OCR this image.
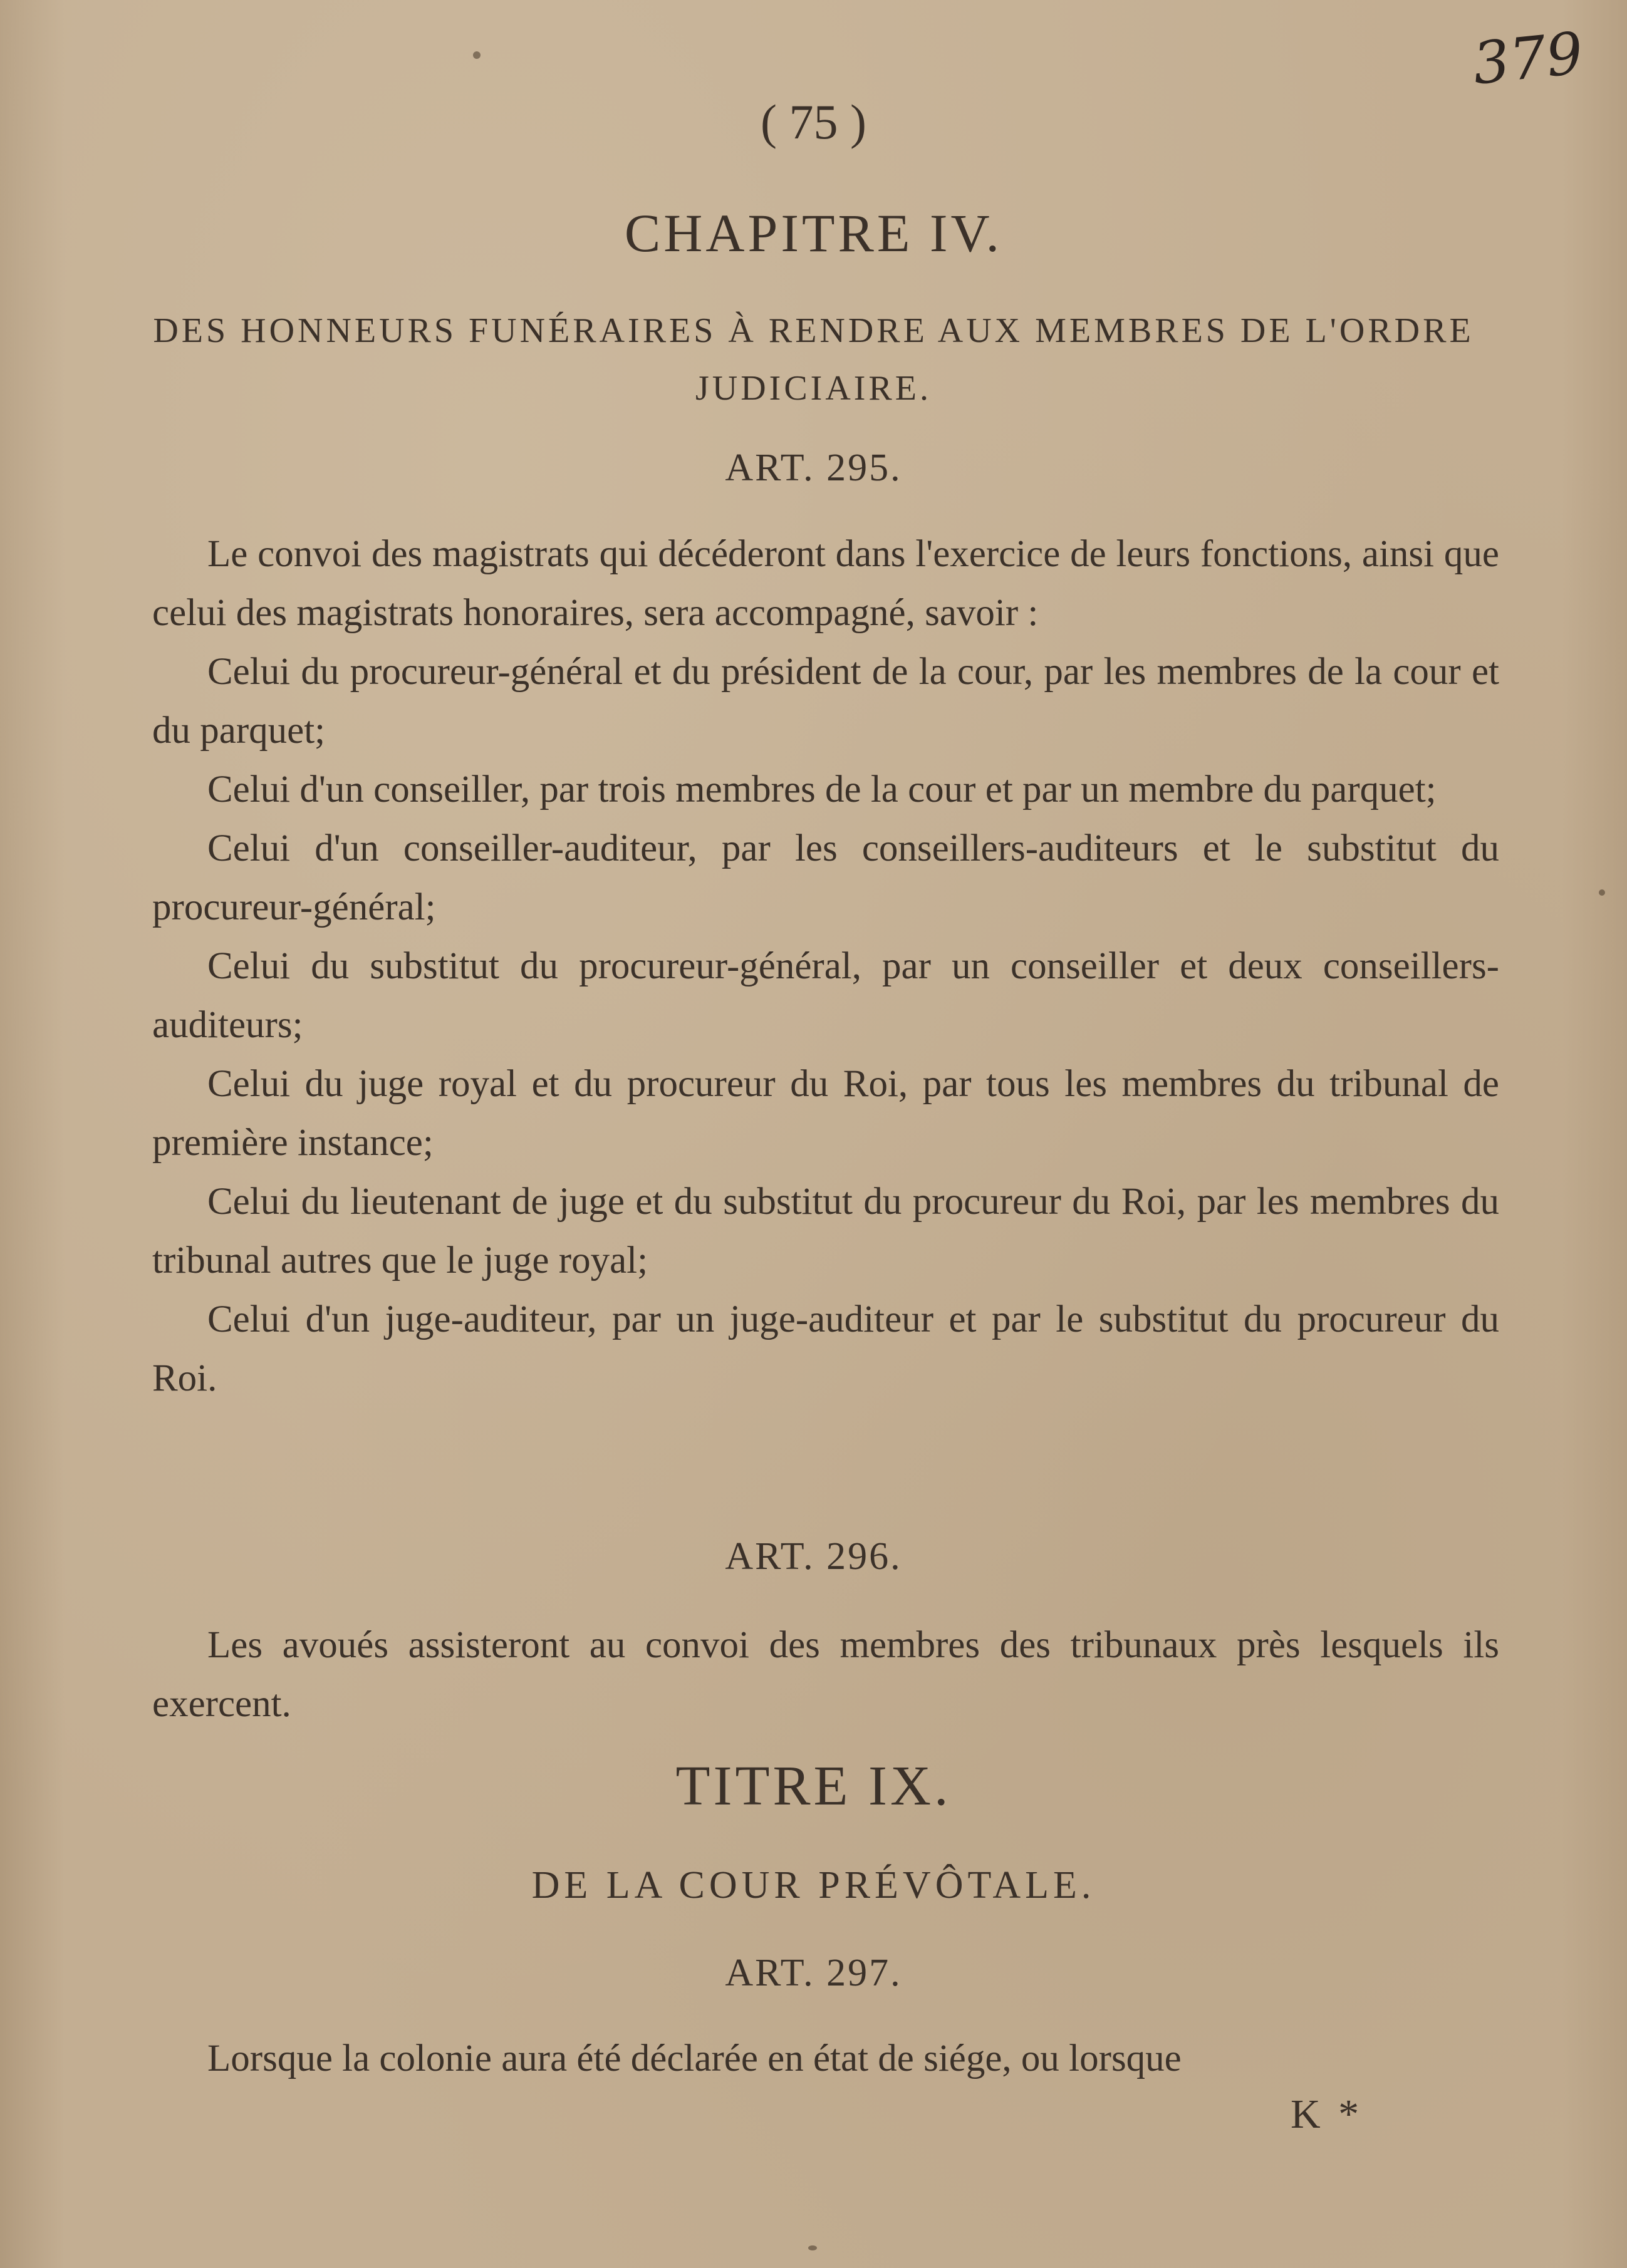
379
( 75 )
CHAPITRE IV.
DES HONNEURS FUNÉRAIRES À RENDRE AUX MEMBRES DE L'ORDRE JUDICIAIRE.
ART. 295.

Le convoi des magistrats qui décéderont dans l'exercice de leurs fonctions, ainsi que celui des magistrats honoraires, sera accompagné, savoir :

Celui du procureur-général et du président de la cour, par les membres de la cour et du parquet;

Celui d'un conseiller, par trois membres de la cour et par un membre du parquet;

Celui d'un conseiller-auditeur, par les conseillers-auditeurs et le substitut du procureur-général;

Celui du substitut du procureur-général, par un conseiller et deux conseillers-auditeurs;

Celui du juge royal et du procureur du Roi, par tous les membres du tribunal de première instance;

Celui du lieutenant de juge et du substitut du procureur du Roi, par les membres du tribunal autres que le juge royal;

Celui d'un juge-auditeur, par un juge-auditeur et par le substitut du procureur du Roi.

ART. 296.

Les avoués assisteront au convoi des membres des tribunaux près lesquels ils exercent.

TITRE IX.
DE LA COUR PRÉVÔTALE.
ART. 297.

Lorsque la colonie aura été déclarée en état de siége, ou lorsque

K *
